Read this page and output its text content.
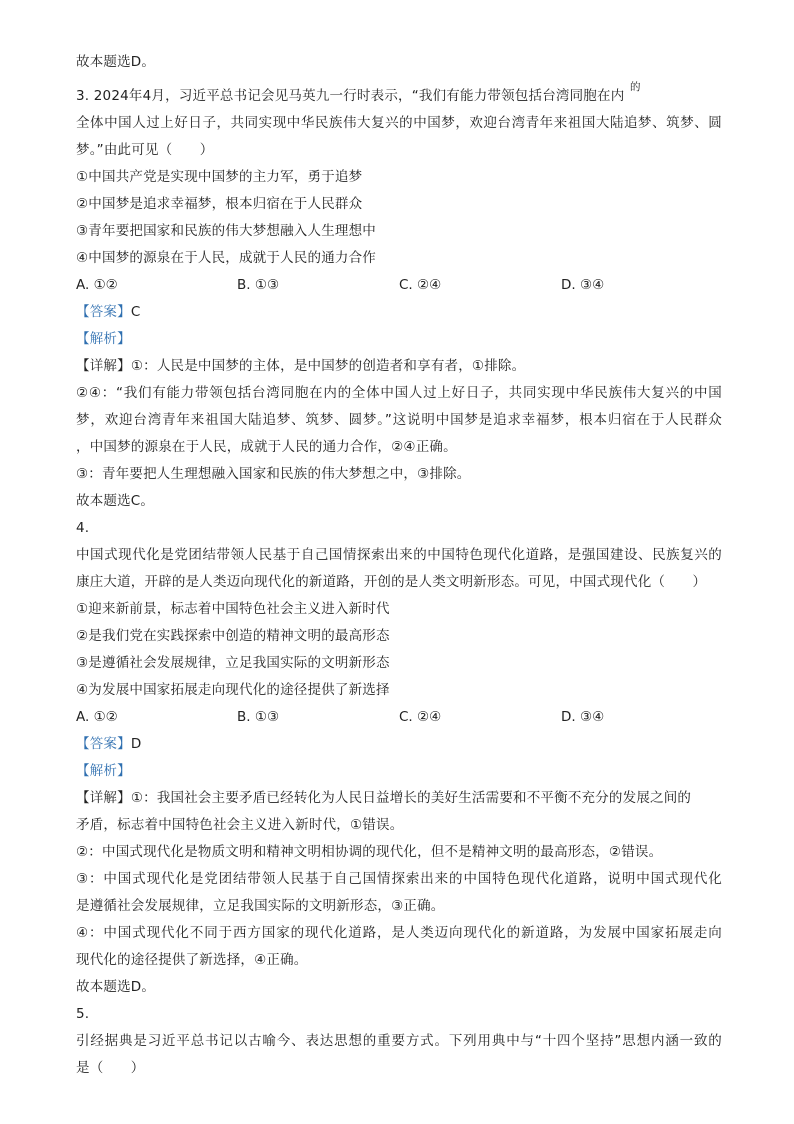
故本题选D。
3. 2024年4月，习近平总书记会见马英九一行时表示，“我们有能力带领包括台湾同胞在内
的
全体中国人过上好日子，共同实现中华民族伟大复兴的中国梦，欢迎台湾青年来祖国大陆追梦、筑梦、圆
梦。”由此可见（　　）
①中国共产党是实现中国梦的主力军，勇于追梦
②中国梦是追求幸福梦，根本归宿在于人民群众
③青年要把国家和民族的伟大梦想融入人生理想中
④中国梦的源泉在于人民，成就于人民的通力合作
A. ①②	B. ①③	C. ②④	D. ③④
【答案】C
【解析】
【详解】①：人民是中国梦的主体，是中国梦的创造者和享有者，①排除。
②④：“我们有能力带领包括台湾同胞在内的全体中国人过上好日子，共同实现中华民族伟大复兴的中国
梦，欢迎台湾青年来祖国大陆追梦、筑梦、圆梦。”这说明中国梦是追求幸福梦，根本归宿在于人民群众
，中国梦的源泉在于人民，成就于人民的通力合作，②④正确。
③：青年要把人生理想融入国家和民族的伟大梦想之中，③排除。
故本题选C。
4.
中国式现代化是党团结带领人民基于自己国情探索出来的中国特色现代化道路，是强国建设、民族复兴的
康庄大道，开辟的是人类迈向现代化的新道路，开创的是人类文明新形态。可见，中国式现代化（　　）
①迎来新前景，标志着中国特色社会主义进入新时代
②是我们党在实践探索中创造的精神文明的最高形态
③是遵循社会发展规律，立足我国实际的文明新形态
④为发展中国家拓展走向现代化的途径提供了新选择
A. ①②	B. ①③	C. ②④	D. ③④
【答案】D
【解析】
【详解】①：我国社会主要矛盾已经转化为人民日益增长的美好生活需要和不平衡不充分的发展之间的
矛盾，标志着中国特色社会主义进入新时代，①错误。
②：中国式现代化是物质文明和精神文明相协调的现代化，但不是精神文明的最高形态，②错误。
③：中国式现代化是党团结带领人民基于自己国情探索出来的中国特色现代化道路，说明中国式现代化
是遵循社会发展规律，立足我国实际的文明新形态，③正确。
④：中国式现代化不同于西方国家的现代化道路，是人类迈向现代化的新道路，为发展中国家拓展走向
现代化的途径提供了新选择，④正确。
故本题选D。
5.
引经据典是习近平总书记以古喻今、表达思想的重要方式。下列用典中与“十四个坚持”思想内涵一致的
是（　　）
